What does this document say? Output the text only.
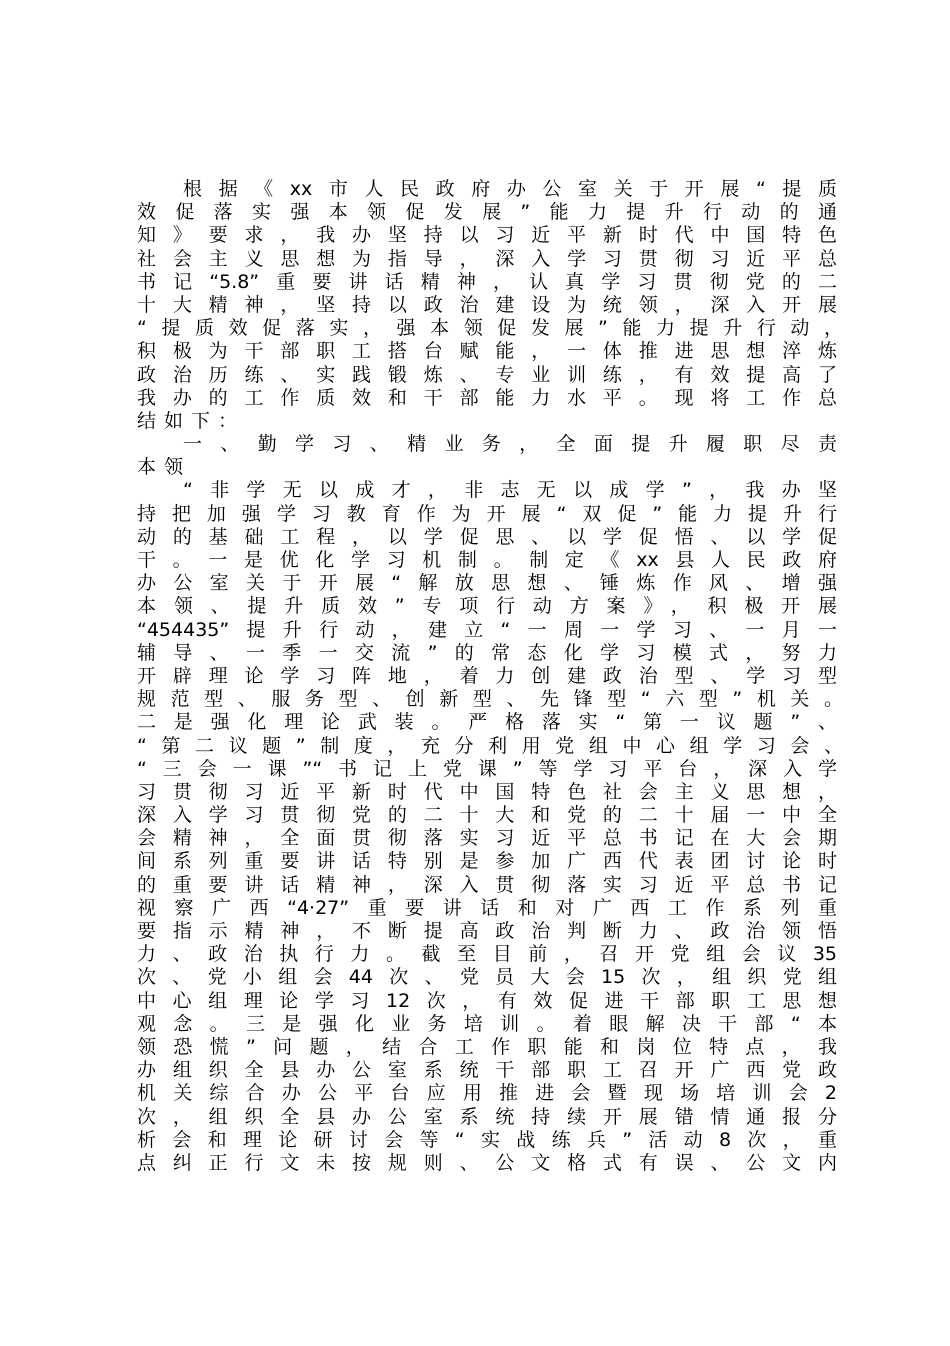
根据《xx市人民政府办公室关于开展“提质
效促落实强本领促发展”能力提升行动的通
知》要求，我办坚持以习近平新时代中国特色
社会主义思想为指导，深入学习贯彻习近平总
书记“5.8”重要讲话精神，认真学习贯彻党的二
十大精神，坚持以政治建设为统领，深入开展
“提质效促落实，强本领促发展”能力提升行动，
积极为干部职工搭台赋能，一体推进思想淬炼
政治历练、实践锻炼、专业训练，有效提高了
我办的工作质效和干部能力水平。现将工作总
结如下：
一、勤学习、精业务，全面提升履职尽责
本领
“非学无以成才，非志无以成学”，我办坚
持把加强学习教育作为开展“双促”能力提升行
动的基础工程，以学促思、以学促悟、以学促
干。一是优化学习机制。制定《xx县人民政府
办公室关于开展“解放思想、锤炼作风、增强
本领、提升质效”专项行动方案》，积极开展
“454435”提升行动，建立“一周一学习、一月一
辅导、一季一交流”的常态化学习模式，努力
开辟理论学习阵地，着力创建政治型、学习型
规范型、服务型、创新型、先锋型“六型”机关。
二是强化理论武装。严格落实“第一议题”、
“第二议题”制度，充分利用党组中心组学习会、
“三会一课”“书记上党课”等学习平台，深入学
习贯彻习近平新时代中国特色社会主义思想，
深入学习贯彻党的二十大和党的二十届一中全
会精神，全面贯彻落实习近平总书记在大会期
间系列重要讲话特别是参加广西代表团讨论时
的重要讲话精神，深入贯彻落实习近平总书记
视察广西“4·27”重要讲话和对广西工作系列重
要指示精神，不断提高政治判断力、政治领悟
力、政治执行力。截至目前，召开党组会议35
次、党小组会44次、党员大会15次，组织党组
中心组理论学习12次，有效促进干部职工思想
观念。三是强化业务培训。着眼解决干部“本
领恐慌”问题，结合工作职能和岗位特点，我
办组织全县办公室系统干部职工召开广西党政
机关综合办公平台应用推进会暨现场培训会2
次，组织全县办公室系统持续开展错情通报分
析会和理论研讨会等“实战练兵”活动8次，重
点纠正行文未按规则、公文格式有误、公文内
